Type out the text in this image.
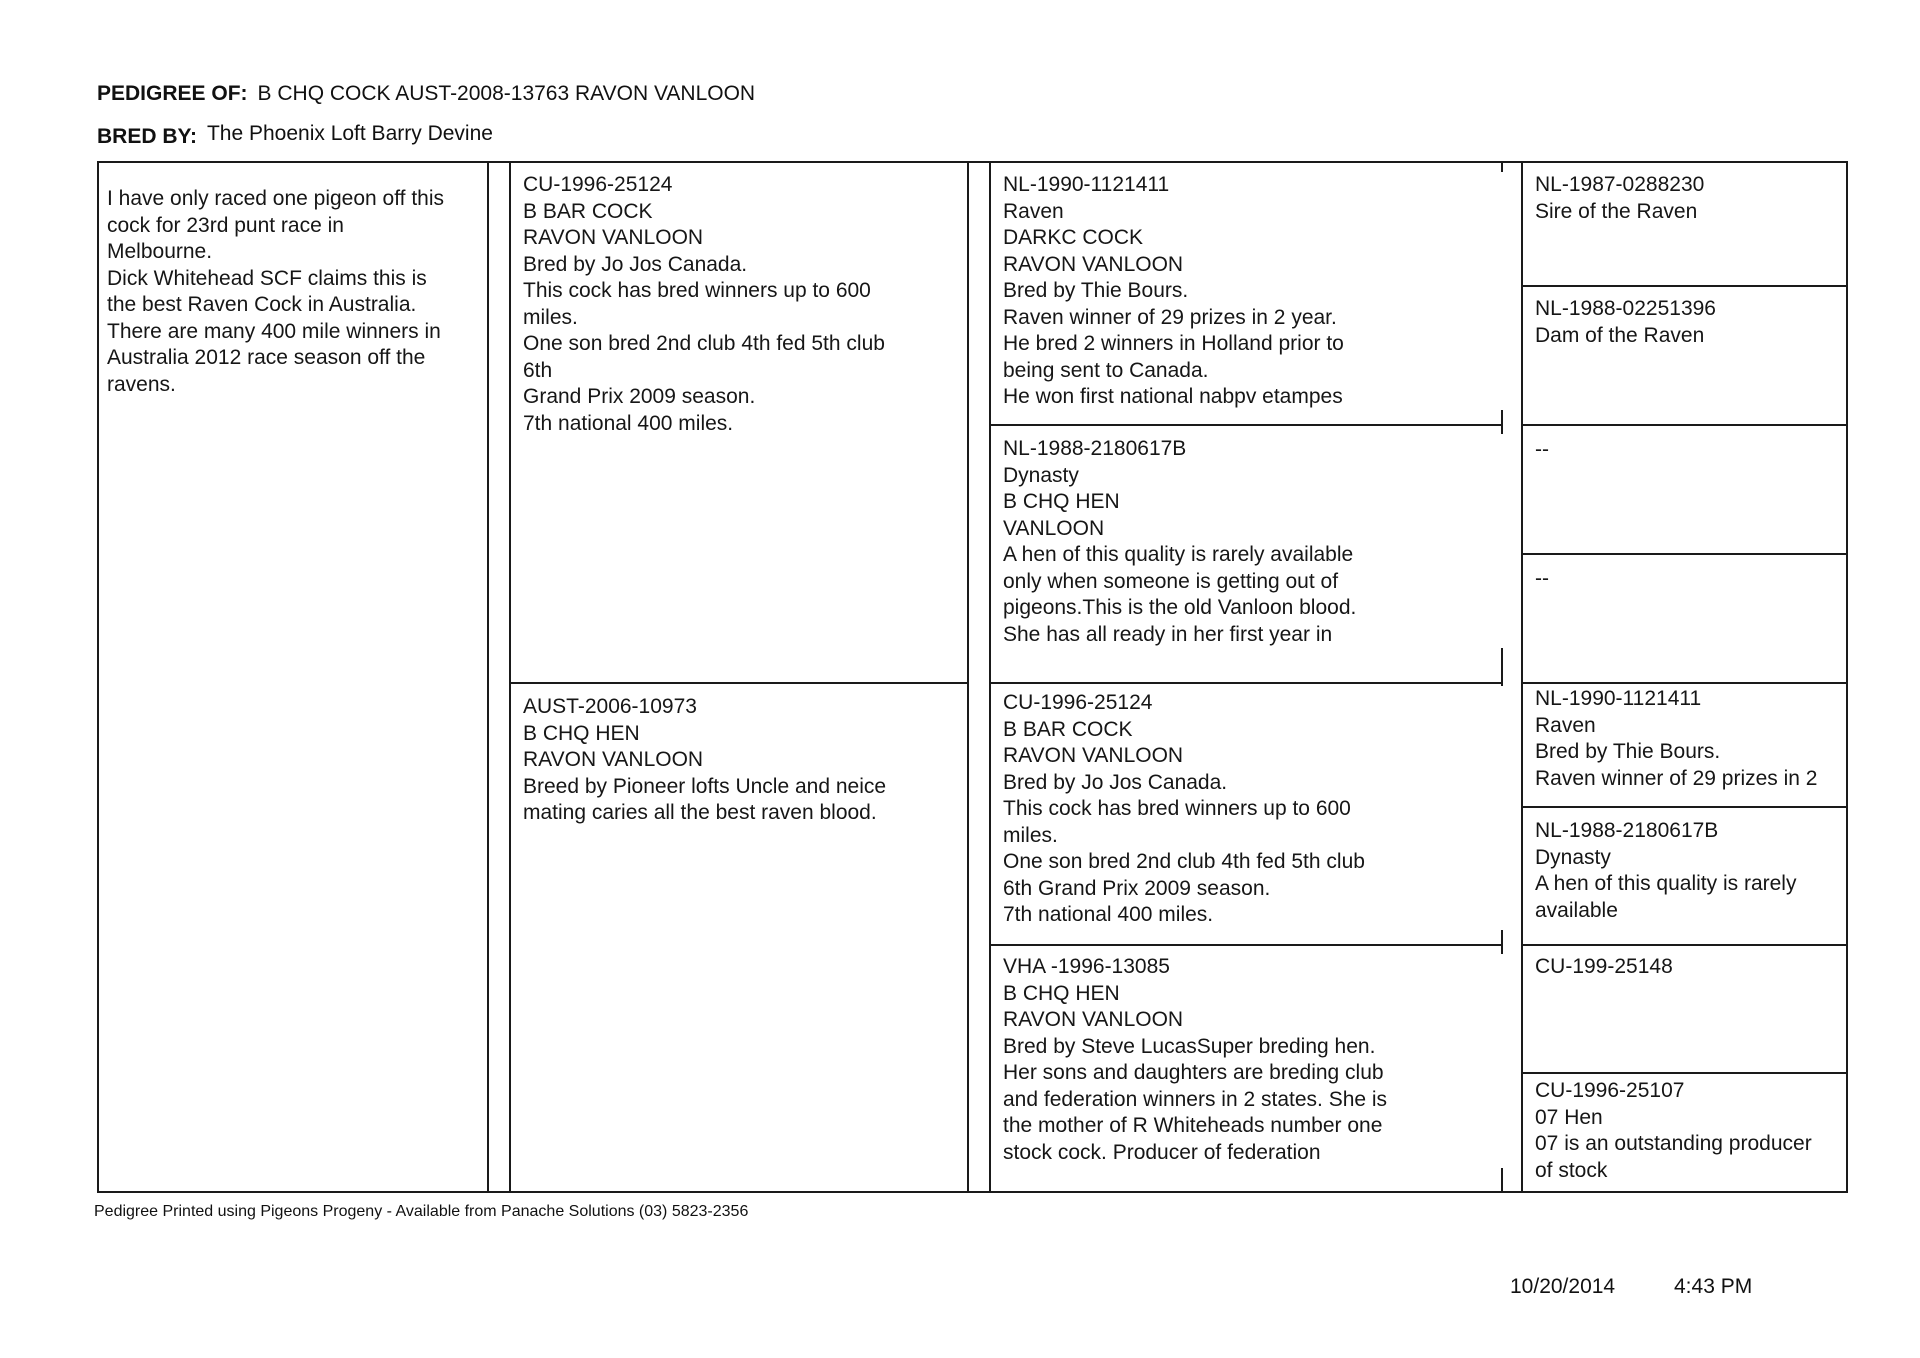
PEDIGREE OF: B CHQ COCK AUST-2008-13763 RAVON VANLOON
BRED BY: The Phoenix Loft Barry Devine
I have only raced one pigeon off this
cock for 23rd punt race in
Melbourne.
Dick Whitehead SCF claims this is
the best Raven Cock in Australia.
There are many 400 mile winners in
Australia 2012 race season off the
ravens.
CU-1996-25124
B BAR COCK
RAVON VANLOON
Bred by Jo Jos Canada.
This cock has bred winners up to 600
miles.
One son bred 2nd club 4th fed 5th club
6th
Grand Prix 2009 season.
7th national 400 miles.
AUST-2006-10973
B CHQ HEN
RAVON VANLOON
Breed by Pioneer lofts Uncle and neice
mating caries all the best raven blood.
NL-1990-1121411
Raven
DARKC COCK
RAVON VANLOON
Bred by Thie Bours.
Raven winner of 29 prizes in 2 year.
He bred 2 winners in Holland prior to
being sent to Canada.
He won first national nabpv etampes
NL-1988-2180617B
Dynasty
B CHQ HEN
VANLOON
A hen of this quality is rarely available
only when someone is getting out of
pigeons.This is the old Vanloon blood.
She has all ready in her first year in
CU-1996-25124
B BAR COCK
RAVON VANLOON
Bred by Jo Jos Canada.
This cock has bred winners up to 600
miles.
One son bred 2nd club 4th fed 5th club
6th Grand Prix 2009 season.
7th national 400 miles.
VHA -1996-13085
B CHQ HEN
RAVON VANLOON
Bred by Steve LucasSuper breding hen.
Her sons and daughters are breding club
and federation winners in 2 states. She is
the mother of R Whiteheads number one
stock cock. Producer of federation
NL-1987-0288230
Sire of the Raven
NL-1988-02251396
Dam of the Raven
--
--
NL-1990-1121411
Raven
Bred by Thie Bours.
Raven winner of 29 prizes in 2
NL-1988-2180617B
Dynasty
A hen of this quality is rarely
available
CU-199-25148
CU-1996-25107
07 Hen
07 is an outstanding producer
of stock
Pedigree Printed using Pigeons Progeny - Available from Panache Solutions (03) 5823-2356
10/20/2014	4:43 PM
